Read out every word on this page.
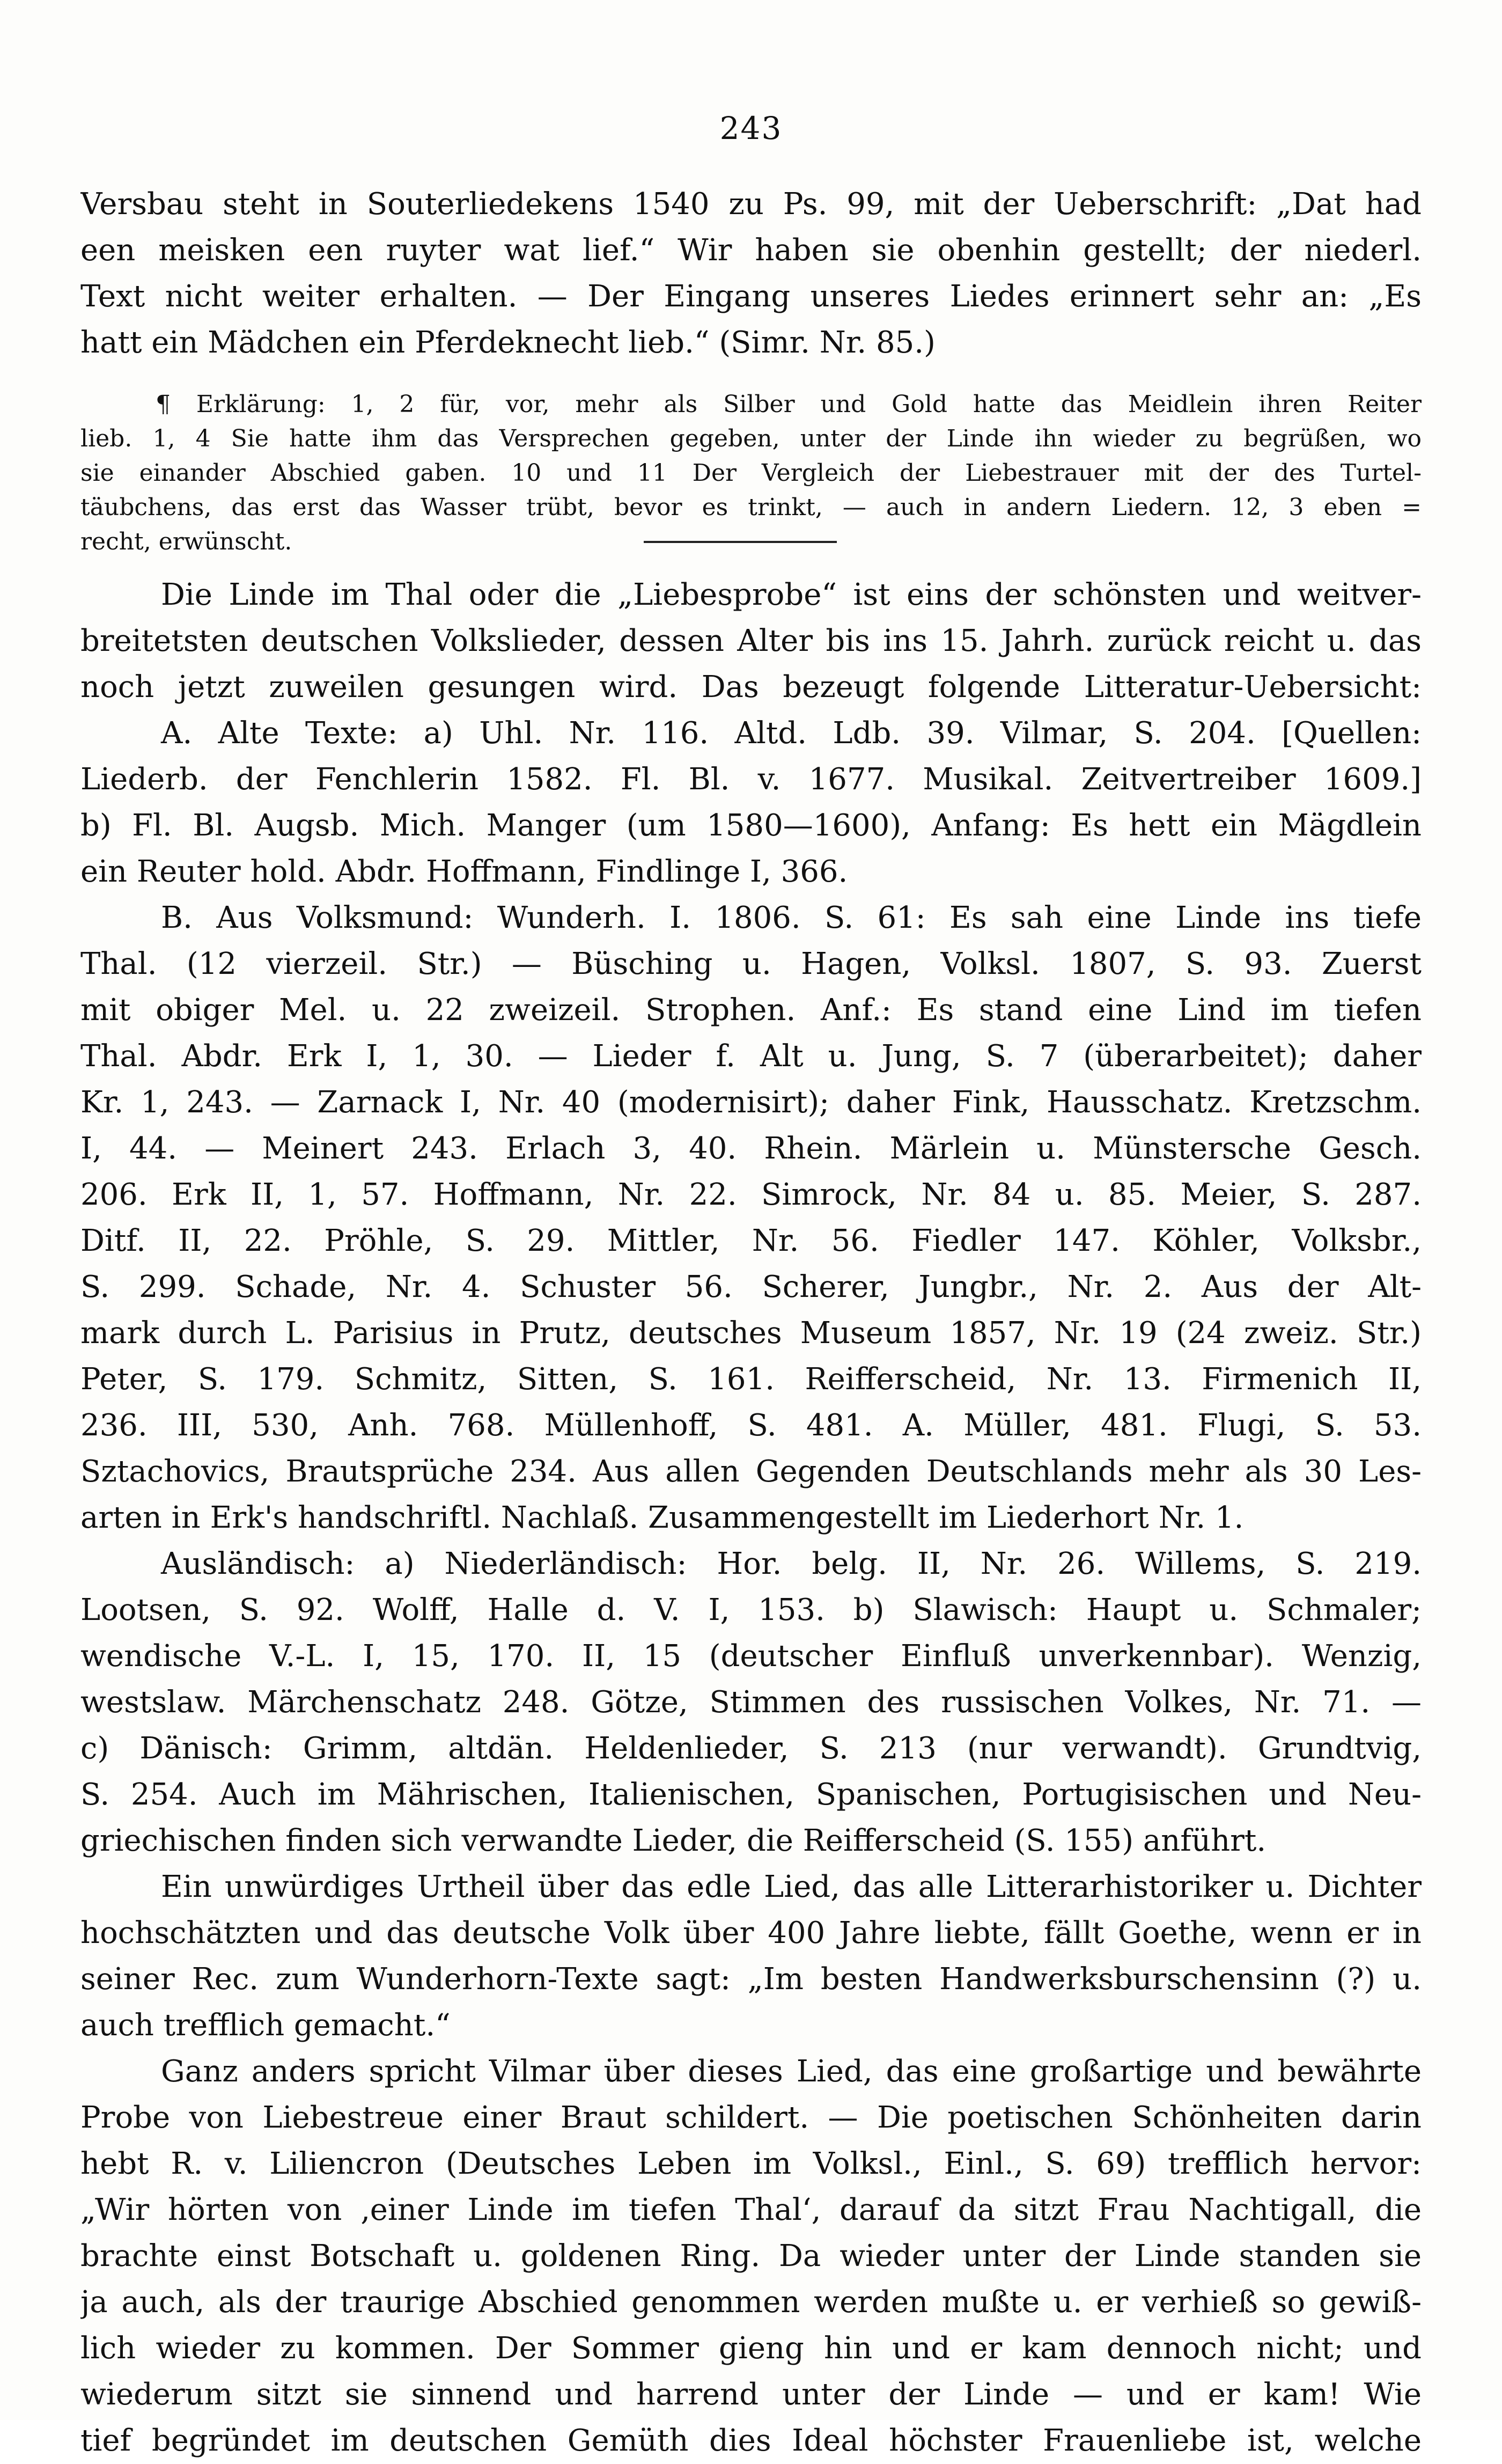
243
Versbau steht in Souterliedekens 1540 zu Ps. 99, mit der Ueberschrift: „Dat had
een meisken een ruyter wat lief.“ Wir haben sie obenhin gestellt; der niederl.
Text nicht weiter erhalten. — Der Eingang unseres Liedes erinnert sehr an: „Es
hatt ein Mädchen ein Pferdeknecht lieb.“ (Simr. Nr. 85.)
¶ Erklärung: 1, 2 für, vor, mehr als Silber und Gold hatte das Meidlein ihren Reiter
lieb. 1, 4 Sie hatte ihm das Versprechen gegeben, unter der Linde ihn wieder zu begrüßen, wo
sie einander Abschied gaben. 10 und 11 Der Vergleich der Liebestrauer mit der des Turtel-
täubchens, das erst das Wasser trübt, bevor es trinkt, — auch in andern Liedern. 12, 3 eben =
recht, erwünscht.
Die Linde im Thal oder die „Liebesprobe“ ist eins der schönsten und weitver-
breitetsten deutschen Volkslieder, dessen Alter bis ins 15. Jahrh. zurück reicht u. das
noch jetzt zuweilen gesungen wird. Das bezeugt folgende Litteratur-Uebersicht:
A. Alte Texte: a) Uhl. Nr. 116. Altd. Ldb. 39. Vilmar, S. 204. [Quellen:
Liederb. der Fenchlerin 1582. Fl. Bl. v. 1677. Musikal. Zeitvertreiber 1609.]
b) Fl. Bl. Augsb. Mich. Manger (um 1580—1600), Anfang: Es hett ein Mägdlein
ein Reuter hold. Abdr. Hoffmann, Findlinge I, 366.
B. Aus Volksmund: Wunderh. I. 1806. S. 61: Es sah eine Linde ins tiefe
Thal. (12 vierzeil. Str.) — Büsching u. Hagen, Volksl. 1807, S. 93. Zuerst
mit obiger Mel. u. 22 zweizeil. Strophen. Anf.: Es stand eine Lind im tiefen
Thal. Abdr. Erk I, 1, 30. — Lieder f. Alt u. Jung, S. 7 (überarbeitet); daher
Kr. 1, 243. — Zarnack I, Nr. 40 (modernisirt); daher Fink, Hausschatz. Kretzschm.
I, 44. — Meinert 243. Erlach 3, 40. Rhein. Märlein u. Münstersche Gesch.
206. Erk II, 1, 57. Hoffmann, Nr. 22. Simrock, Nr. 84 u. 85. Meier, S. 287.
Ditf. II, 22. Pröhle, S. 29. Mittler, Nr. 56. Fiedler 147. Köhler, Volksbr.,
S. 299. Schade, Nr. 4. Schuster 56. Scherer, Jungbr., Nr. 2. Aus der Alt-
mark durch L. Parisius in Prutz, deutsches Museum 1857, Nr. 19 (24 zweiz. Str.)
Peter, S. 179. Schmitz, Sitten, S. 161. Reifferscheid, Nr. 13. Firmenich II,
236. III, 530, Anh. 768. Müllenhoff, S. 481. A. Müller, 481. Flugi, S. 53.
Sztachovics, Brautsprüche 234. Aus allen Gegenden Deutschlands mehr als 30 Les-
arten in Erk's handschriftl. Nachlaß. Zusammengestellt im Liederhort Nr. 1.
Ausländisch: a) Niederländisch: Hor. belg. II, Nr. 26. Willems, S. 219.
Lootsen, S. 92. Wolff, Halle d. V. I, 153. b) Slawisch: Haupt u. Schmaler;
wendische V.-L. I, 15, 170. II, 15 (deutscher Einfluß unverkennbar). Wenzig,
westslaw. Märchenschatz 248. Götze, Stimmen des russischen Volkes, Nr. 71. —
c) Dänisch: Grimm, altdän. Heldenlieder, S. 213 (nur verwandt). Grundtvig,
S. 254. Auch im Mährischen, Italienischen, Spanischen, Portugisischen und Neu-
griechischen finden sich verwandte Lieder, die Reifferscheid (S. 155) anführt.
Ein unwürdiges Urtheil über das edle Lied, das alle Litterarhistoriker u. Dichter
hochschätzten und das deutsche Volk über 400 Jahre liebte, fällt Goethe, wenn er in
seiner Rec. zum Wunderhorn-Texte sagt: „Im besten Handwerksburschensinn (?) u.
auch trefflich gemacht.“
Ganz anders spricht Vilmar über dieses Lied, das eine großartige und bewährte
Probe von Liebestreue einer Braut schildert. — Die poetischen Schönheiten darin
hebt R. v. Liliencron (Deutsches Leben im Volksl., Einl., S. 69) trefflich hervor:
„Wir hörten von ‚einer Linde im tiefen Thal‘, darauf da sitzt Frau Nachtigall, die
brachte einst Botschaft u. goldenen Ring. Da wieder unter der Linde standen sie
ja auch, als der traurige Abschied genommen werden mußte u. er verhieß so gewiß-
lich wieder zu kommen. Der Sommer gieng hin und er kam dennoch nicht; und
wiederum sitzt sie sinnend und harrend unter der Linde — und er kam! Wie
tief begründet im deutschen Gemüth dies Ideal höchster Frauenliebe ist, welche
